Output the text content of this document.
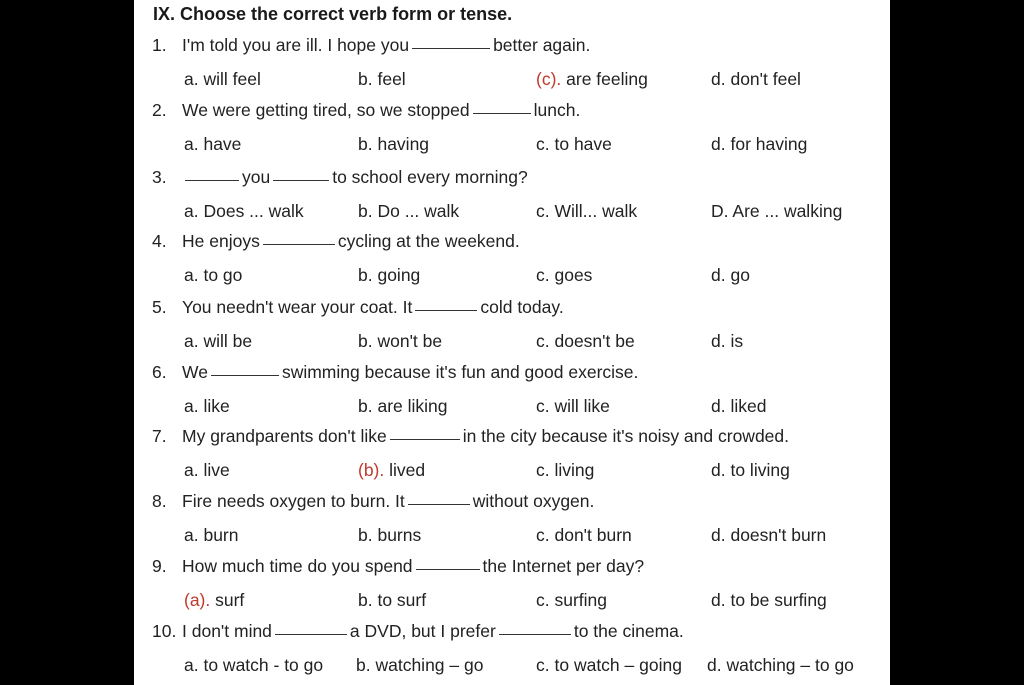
IX. Choose the correct verb form or tense.
1. I'm told you are ill. I hope you	better again.
a. will feel	b. feel	(c). are feeling	d. don't feel
2. We were getting tired, so we stopped	lunch.
a. have	b. having	c. to have	d. for having
3.	you	to school every morning?
a. Does ... walk	b. Do ... walk	c. Will... walk	D. Are ... walking
4. He enjoys	cycling at the weekend.
a. to go	b. going	c. goes	d. go
5. You needn't wear your coat. It	cold today.
a. will be	b. won't be	c. doesn't be	d. is
6. We	swimming because it's fun and good exercise.
a. like	b. are liking	c. will like	d. liked
7. My grandparents don't like	in the city because it's noisy and crowded.
a. live	(b). lived	c. living	d. to living
8. Fire needs oxygen to burn. It	without oxygen.
a. burn	b. burns	c. don't burn	d. doesn't burn
9. How much time do you spend	the Internet per day?
(a). surf	b. to surf	c. surfing	d. to be surfing
10. I don't mind	a DVD, but I prefer	to the cinema.
a. to watch - to go b. watching – go	c. to watch – going d. watching – to go
